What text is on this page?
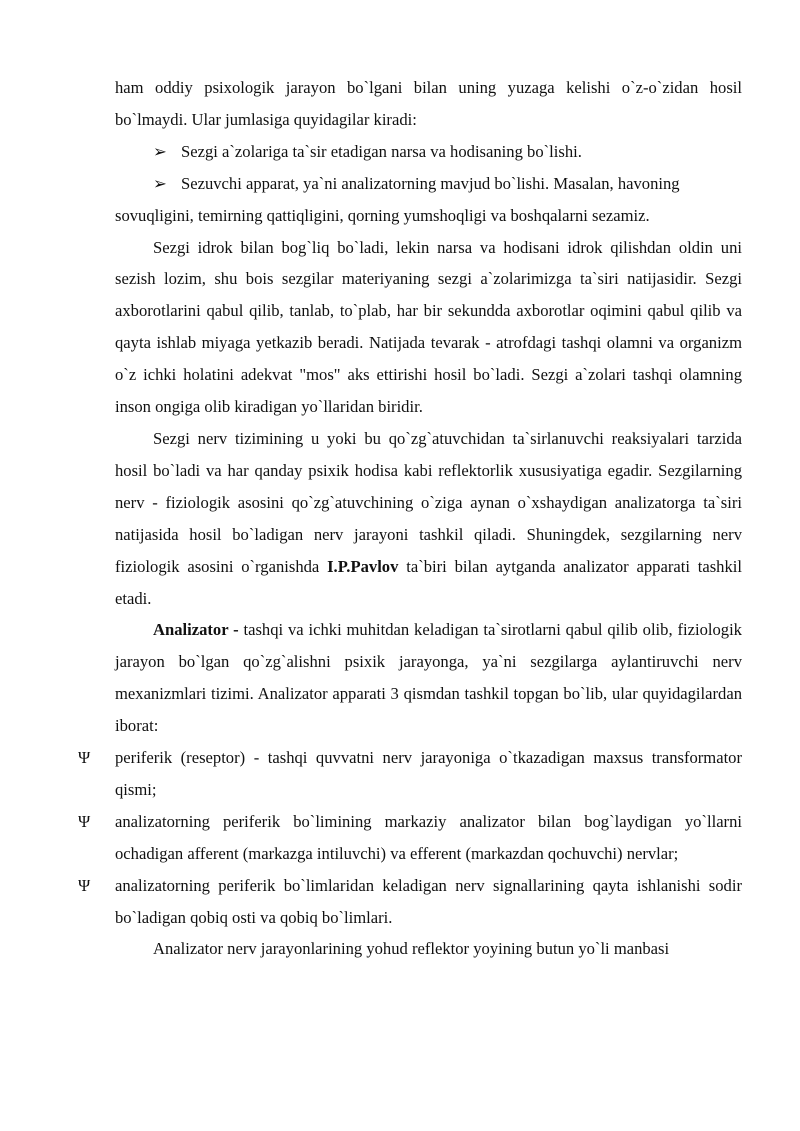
ham oddiy psixologik jarayon bo`lgani bilan uning yuzaga kelishi o`z-o`zidan hosil bo`lmaydi. Ular jumlasiga quyidagilar kiradi:

➢ Sezgi a`zolariga ta`sir etadigan narsa va hodisaning bo`lishi.

➢ Sezuvchi apparat, ya`ni analizatorning mavjud bo`lishi. Masalan, havoning

sovuqligini, temirning qattiqligini, qorning yumshoqligi va boshqalarni sezamiz.

Sezgi idrok bilan bog`liq bo`ladi, lekin narsa va hodisani idrok qilishdan oldin uni sezish lozim, shu bois sezgilar materiyaning sezgi a`zolarimizga ta`siri natijasidir. Sezgi axborotlarini qabul qilib, tanlab, to`plab, har bir sekundda axborotlar oqimini qabul qilib va qayta ishlab miyaga yetkazib beradi. Natijada tevarak - atrofdagi tashqi olamni va organizm o`z ichki holatini adekvat "mos" aks ettirishi hosil bo`ladi. Sezgi a`zolari tashqi olamning inson ongiga olib kiradigan yo`llaridan biridir.

Sezgi nerv tizimining u yoki bu qo`zg`atuvchidan ta`sirlanuvchi reaksiyalari tarzida hosil bo`ladi va har qanday psixik hodisa kabi reflektorlik xususiyatiga egadir. Sezgilarning nerv - fiziologik asosini qo`zg`atuvchining o`ziga aynan o`xshaydigan analizatorga ta`siri natijasida hosil bo`ladigan nerv jarayoni tashkil qiladi. Shuningdek, sezgilarning nerv fiziologik asosini o`rganishda I.P.Pavlov ta`biri bilan aytganda analizator apparati tashkil etadi.

Analizator - tashqi va ichki muhitdan keladigan ta`sirotlarni qabul qilib olib, fiziologik jarayon bo`lgan qo`zg`alishni psixik jarayonga, ya`ni sezgilarga aylantiruvchi nerv mexanizmlari tizimi. Analizator apparati 3 qismdan tashkil topgan bo`lib, ular quyidagilardan iborat:

Ψ periferik (reseptor) - tashqi quvvatni nerv jarayoniga o`tkazadigan maxsus transformator qismi;

Ψ analizatorning periferik bo`limining markaziy analizator bilan bog`laydigan yo`llarni ochadigan afferent (markazga intiluvchi) va efferent (markazdan qochuvchi) nervlar;

Ψ analizatorning periferik bo`limlaridan keladigan nerv signallarining qayta ishlanishi sodir bo`ladigan qobiq osti va qobiq bo`limlari.

Analizator nerv jarayonlarining yohud reflektor yoyining butun yo`li manbasi
